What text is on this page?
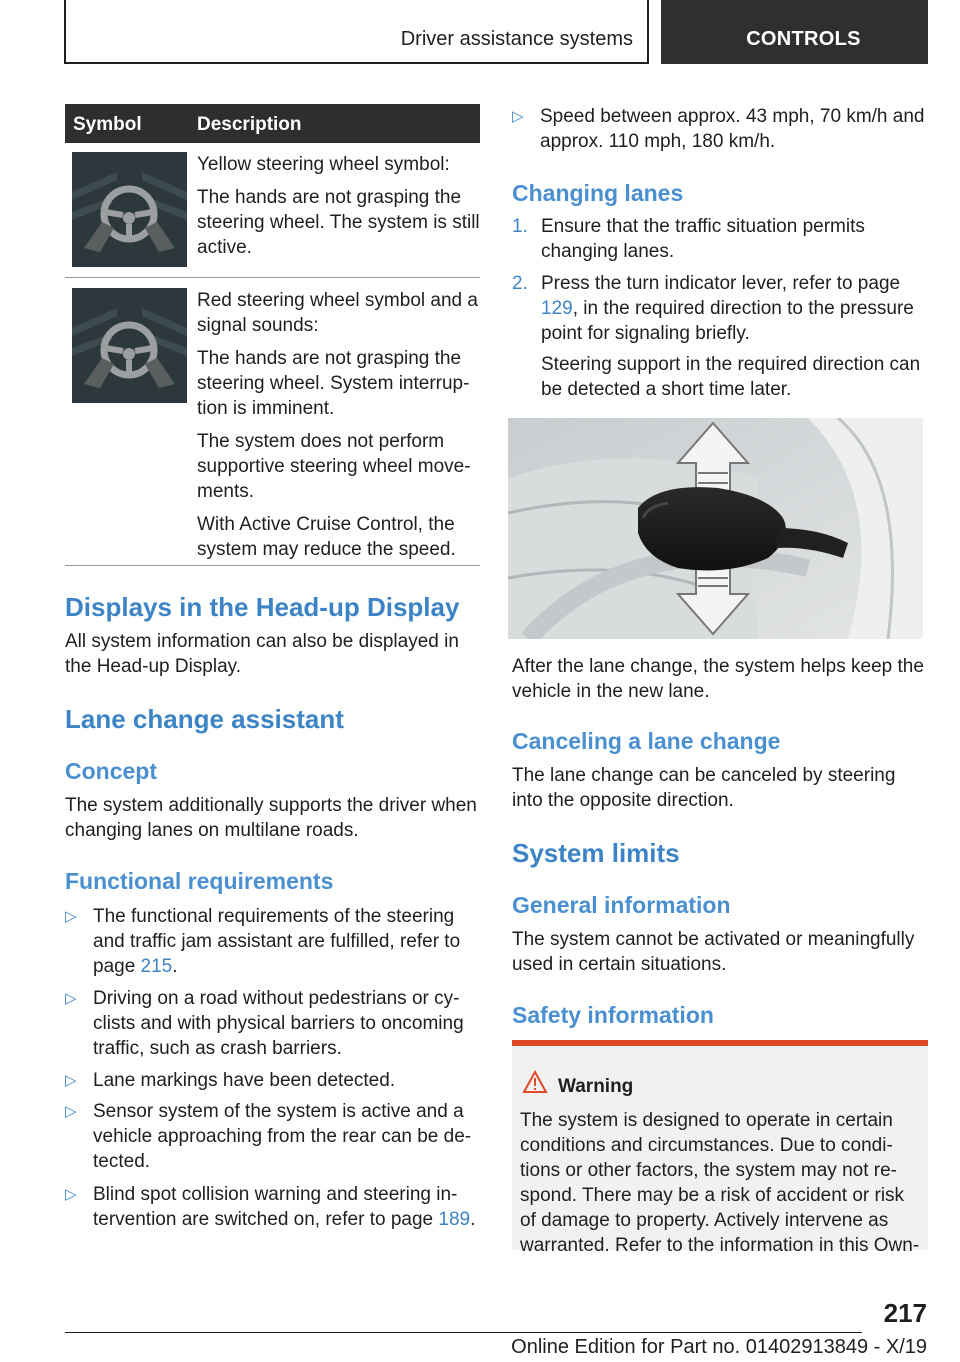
Driver assistance systems	CONTROLS
Symbol	Description

Yellow steering wheel symbol:

The hands are not grasping the steering wheel. The system is still active.

Red steering wheel symbol and a signal sounds:

The hands are not grasping the steering wheel. System interrup-tion is imminent.

The system does not perform supportive steering wheel move-ments.

With Active Cruise Control, the system may reduce the speed.

Displays in the Head-up Display

All system information can also be displayed in the Head-up Display.

Lane change assistant
Concept

The system additionally supports the driver when changing lanes on multilane roads.

Functional requirements
▷ The functional requirements of the steering and traffic jam assistant are fulfilled, refer to page 215.
▷ Driving on a road without pedestrians or cy-clists and with physical barriers to oncoming traffic, such as crash barriers.
▷ Lane markings have been detected.
▷ Sensor system of the system is active and a vehicle approaching from the rear can be de-tected.
▷ Blind spot collision warning and steering in-tervention are switched on, refer to page 189.
▷ Speed between approx. 43 mph, 70 km/h and approx. 110 mph, 180 km/h.
Changing lanes
1. Ensure that the traffic situation permits changing lanes.
2. Press the turn indicator lever, refer to page 129, in the required direction to the pressure point for signaling briefly.
Steering support in the required direction can be detected a short time later.

After the lane change, the system helps keep the vehicle in the new lane.

Canceling a lane change

The lane change can be canceled by steering into the opposite direction.

System limits
General information

The system cannot be activated or meaningfully used in certain situations.

Safety information
Warning

The system is designed to operate in certain conditions and circumstances. Due to condi-tions or other factors, the system may not re-spond. There may be a risk of accident or risk of damage to property. Actively intervene as warranted. Refer to the information in this Own-

217
Online Edition for Part no. 01402913849 - X/19
